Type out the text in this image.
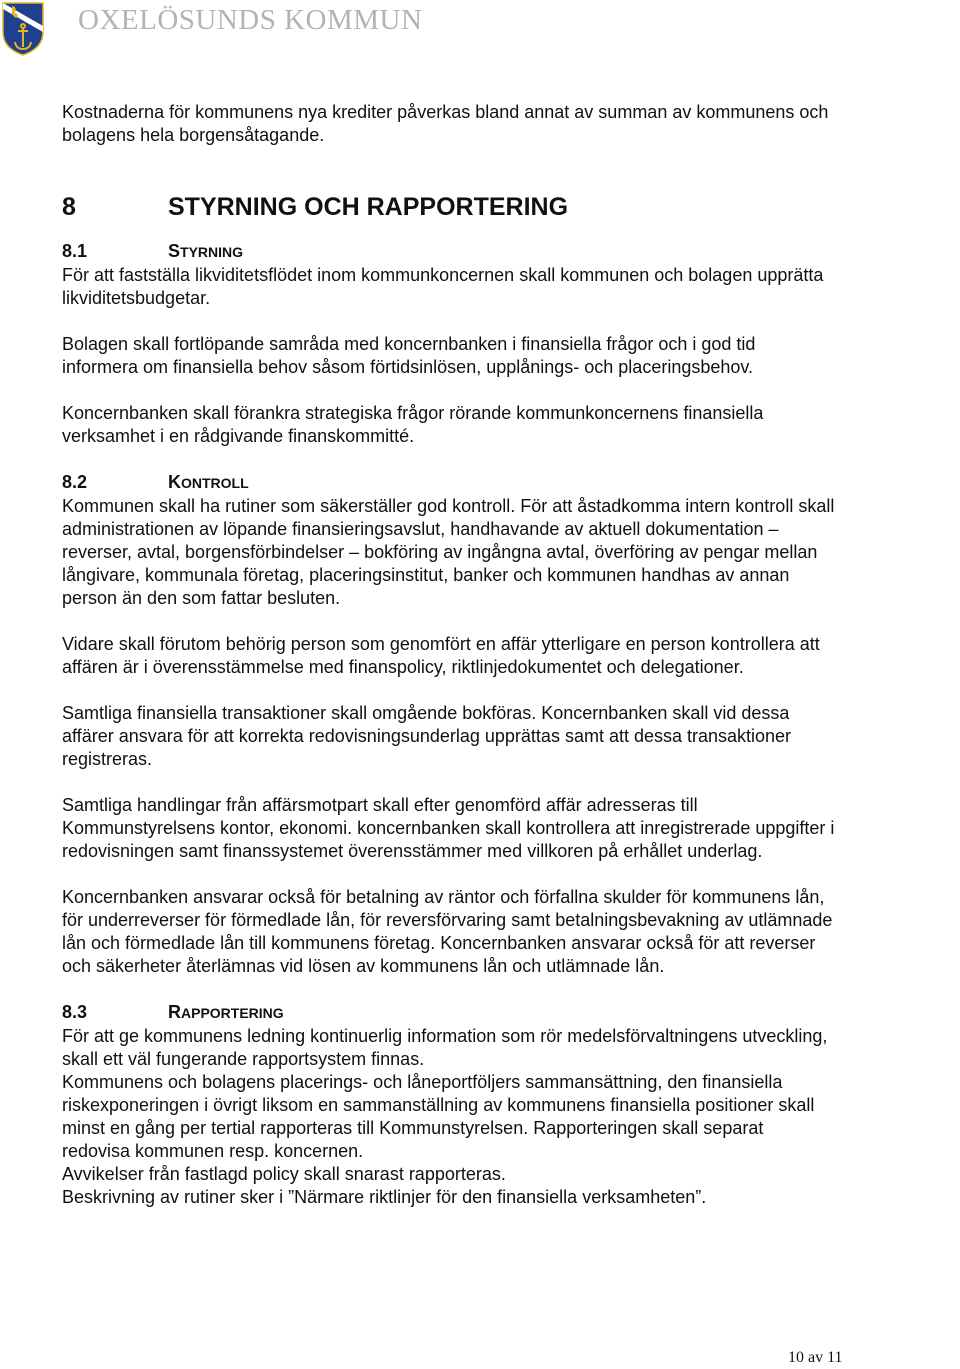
OXELÖSUNDS KOMMUN

Kostnaderna för kommunens nya krediter påverkas bland annat av summan av kommunens och

bolagens hela borgensåtagande.

8	STYRNING OCH RAPPORTERING
8.1	STYRNING

För att fastställa likviditetsflödet inom kommunkoncernen skall kommunen och bolagen upprätta

likviditetsbudgetar.

Bolagen skall fortlöpande samråda med koncernbanken i finansiella frågor och i god tid

informera om finansiella behov såsom förtidsinlösen, upplånings- och placeringsbehov.

Koncernbanken skall förankra strategiska frågor rörande kommunkoncernens finansiella

verksamhet i en rådgivande finanskommitté.

8.2	KONTROLL

Kommunen skall ha rutiner som säkerställer god kontroll. För att åstadkomma intern kontroll skall

administrationen av löpande finansieringsavslut, handhavande av aktuell dokumentation –

reverser, avtal, borgensförbindelser – bokföring av ingångna avtal, överföring av pengar mellan

långivare, kommunala företag, placeringsinstitut, banker och kommunen handhas av annan

person än den som fattar besluten.

Vidare skall förutom behörig person som genomfört en affär ytterligare en person kontrollera att

affären är i överensstämmelse med finanspolicy, riktlinjedokumentet och delegationer.

Samtliga finansiella transaktioner skall omgående bokföras. Koncernbanken skall vid dessa

affärer ansvara för att korrekta redovisningsunderlag upprättas samt att dessa transaktioner

registreras.

Samtliga handlingar från affärsmotpart skall efter genomförd affär adresseras till

Kommunstyrelsens kontor, ekonomi. koncernbanken skall kontrollera att inregistrerade uppgifter i

redovisningen samt finanssystemet överensstämmer med villkoren på erhållet underlag.

Koncernbanken ansvarar också för betalning av räntor och förfallna skulder för kommunens lån,

för underreverser för förmedlade lån, för reversförvaring samt betalningsbevakning av utlämnade

lån och förmedlade lån till kommunens företag. Koncernbanken ansvarar också för att reverser

och säkerheter återlämnas vid lösen av kommunens lån och utlämnade lån.

8.3	RAPPORTERING

För att ge kommunens ledning kontinuerlig information som rör medelsförvaltningens utveckling,

skall ett väl fungerande rapportsystem finnas.

Kommunens och bolagens placerings- och låneportföljers sammansättning, den finansiella

riskexponeringen i övrigt liksom en sammanställning av kommunens finansiella positioner skall

minst en gång per tertial rapporteras till Kommunstyrelsen. Rapporteringen skall separat

redovisa kommunen resp. koncernen.

Avvikelser från fastlagd policy skall snarast rapporteras.

Beskrivning av rutiner sker i ”Närmare riktlinjer för den finansiella verksamheten”.

10 av 11
